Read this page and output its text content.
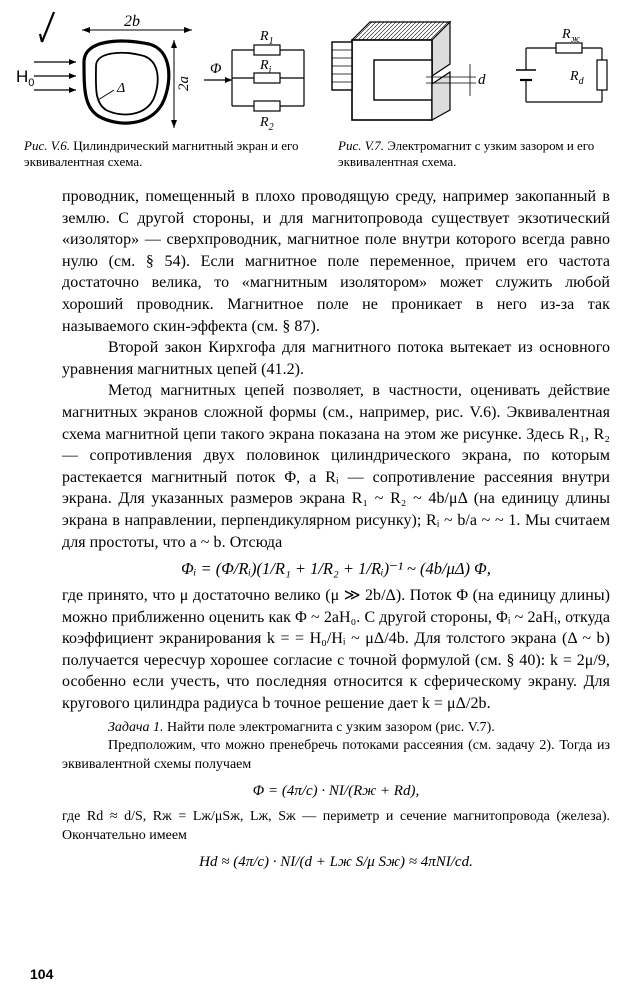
2b
2a
Δ
$H_0$
Φ
$R_1$
$R_i$
$R_2$
Рис. V.6. Цилиндрический магнитный экран и его эквивалентная схема.
d
$R_ж$
$R_d$
Рис. V.7. Электромагнит с узким зазором и его эквивалентная схема.

проводник, помещенный в плохо проводящую среду, например закопанный в землю. С другой стороны, и для магнитопровода существует экзотический «изолятор» — сверхпроводник, магнитное поле внутри которого всегда равно нулю (см. § 54). Если магнитное поле переменное, причем его частота достаточно велика, то «магнитным изолятором» может служить любой хороший проводник. Магнитное поле не проникает в него из-за так называемого скин-эффекта (см. § 87).

Второй закон Кирхгофа для магнитного потока вытекает из основного уравнения магнитных цепей (41.2).

Метод магнитных цепей позволяет, в частности, оценивать действие магнитных экранов сложной формы (см., например, рис. V.6). Эквивалентная схема магнитной цепи такого экрана показана на этом же рисунке. Здесь R₁, R₂ — сопротивления двух половинок цилиндрического экрана, по которым растекается магнитный поток Φ, а Rᵢ — сопротивление рассеяния внутри экрана. Для указанных размеров экрана R₁ ~ R₂ ~ 4b/μΔ (на единицу длины экрана в направлении, перпендикулярном рисунку); Rᵢ ~ b/a ~ ~ 1. Мы считаем для простоты, что a ~ b. Отсюда

Φᵢ = (Φ/Rᵢ)(1/R₁ + 1/R₂ + 1/Rᵢ)⁻¹ ~ (4b/μΔ) Φ,

где принято, что μ достаточно велико (μ ≫ 2b/Δ). Поток Φ (на единицу длины) можно приближенно оценить как Φ ~ 2aH₀. С другой стороны, Φᵢ ~ 2aHᵢ, откуда коэффициент экранирования k = = H₀/Hᵢ ~ μΔ/4b. Для толстого экрана (Δ ~ b) получается чересчур хорошее согласие с точной формулой (см. § 40): k = 2μ/9, особенно если учесть, что последняя относится к сферическому экрану. Для кругового цилиндра радиуса b точное решение дает k = μΔ/2b.

Задача 1. Найти поле электромагнита с узким зазором (рис. V.7).

Предположим, что можно пренебречь потоками рассеяния (см. задачу 2). Тогда из эквивалентной схемы получаем

Φ = (4π/c) · NI/(Rж + Rd),

где Rd ≈ d/S, Rж = Lж/μSж, Lж, Sж — периметр и сечение магнитопровода (железа). Окончательно имеем

Hd ≈ (4π/c) · NI/(d + Lж S/μ Sж) ≈ 4πNI/cd.
104
